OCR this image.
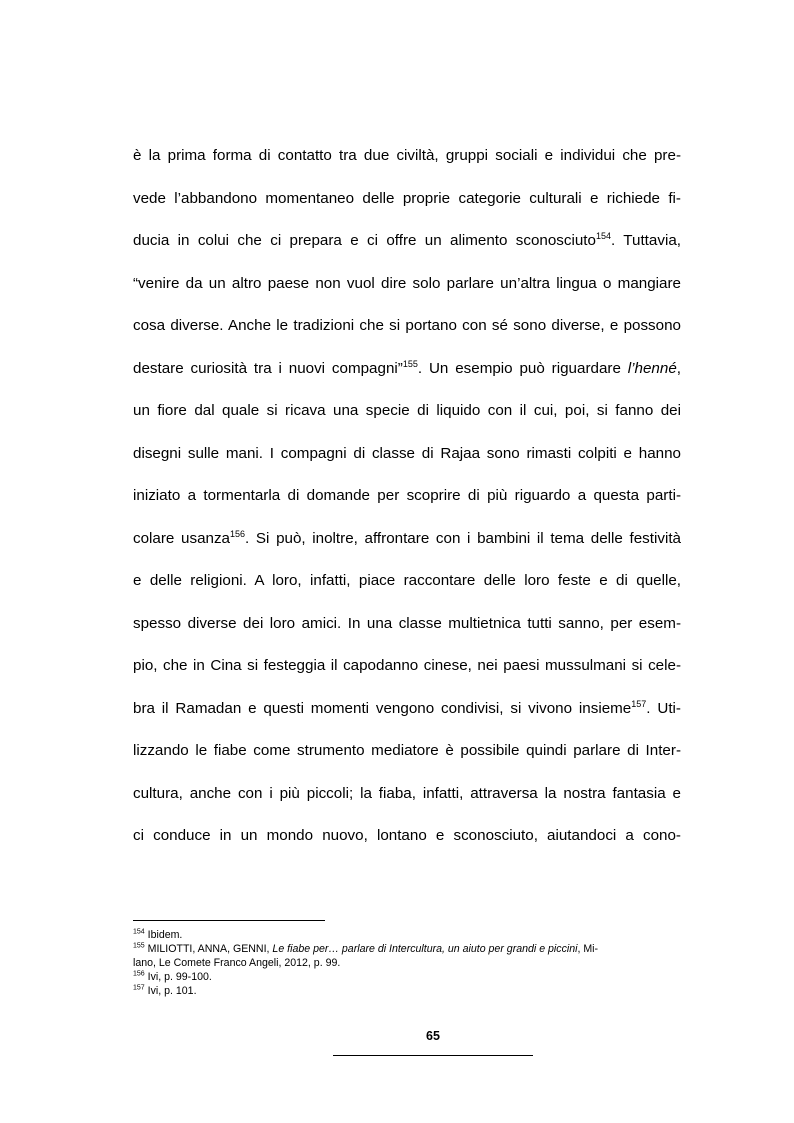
è la prima forma di contatto tra due civiltà, gruppi sociali e individui che pre-
vede l’abbandono momentaneo delle proprie categorie culturali e richiede fi-
ducia in colui che ci prepara e ci offre un alimento sconosciuto$^{154}$. Tuttavia,
“venire da un altro paese non vuol dire solo parlare un’altra lingua o mangiare
cosa diverse. Anche le tradizioni che si portano con sé sono diverse, e possono
destare curiosità tra i nuovi compagni”$^{155}$. Un esempio può riguardare l’henné,
un fiore dal quale si ricava una specie di liquido con il cui, poi, si fanno dei
disegni sulle mani. I compagni di classe di Rajaa sono rimasti colpiti e hanno
iniziato a tormentarla di domande per scoprire di più riguardo a questa parti-
colare usanza$^{156}$. Si può, inoltre, affrontare con i bambini il tema delle festività
e delle religioni. A loro, infatti, piace raccontare delle loro feste e di quelle,
spesso diverse dei loro amici. In una classe multietnica tutti sanno, per esem-
pio, che in Cina si festeggia il capodanno cinese, nei paesi mussulmani si cele-
bra il Ramadan e questi momenti vengono condivisi, si vivono insieme$^{157}$. Uti-
lizzando le fiabe come strumento mediatore è possibile quindi parlare di Inter-
cultura, anche con i più piccoli; la fiaba, infatti, attraversa la nostra fantasia e
ci conduce in un mondo nuovo, lontano e sconosciuto, aiutandoci a cono-

$^{154}$ Ibidem.

$^{155}$ MILIOTTI, ANNA, GENNI, Le fiabe per… parlare di Intercultura, un aiuto per grandi e piccini, Mi-

lano, Le Comete Franco Angeli, 2012, p. 99.

$^{156}$ Ivi, p. 99-100.

$^{157}$ Ivi, p. 101.

65
